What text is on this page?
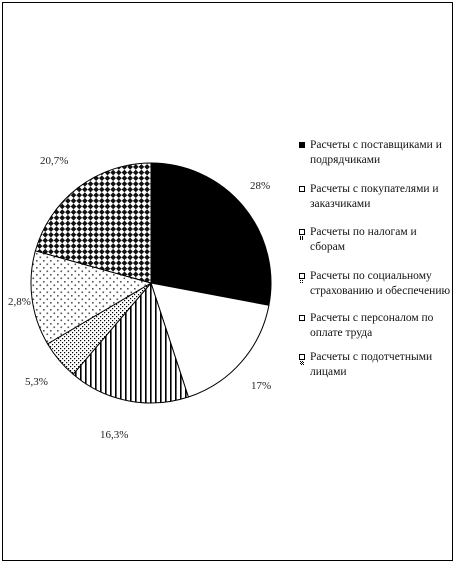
28%
17%
16,3%
5,3%
2,8%
20,7%
Расчеты с поставщиками и подрядчиками
Расчеты с покупателями и заказчиками
Расчеты по налогам и сборам
Расчеты по социальному страхованию и обеспечению
Расчеты с персоналом по оплате труда
Расчеты с подотчетными лицами
